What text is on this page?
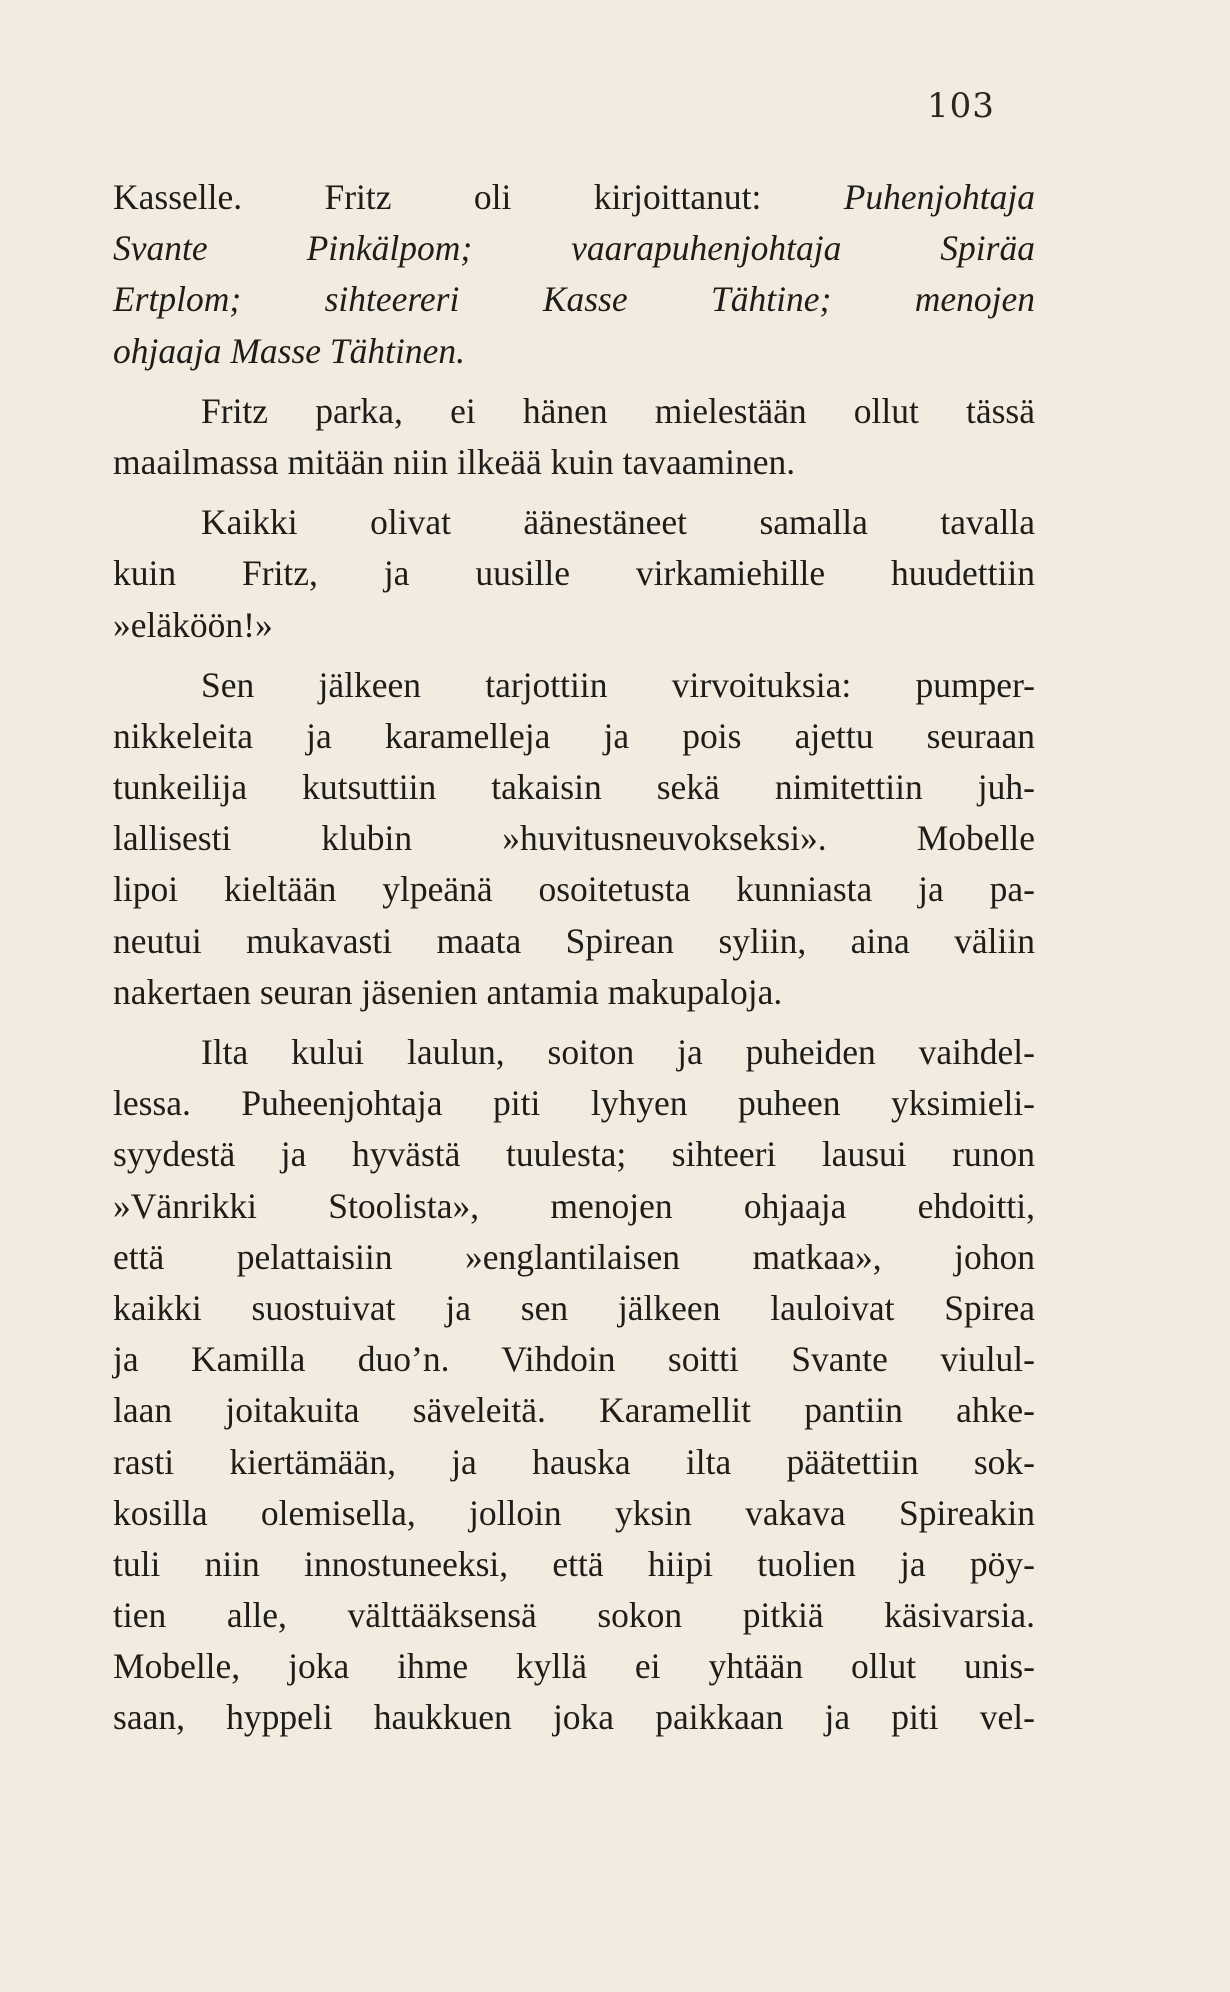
103

Kasselle. Fritz oli kirjoittanut: Puhenjohtaja
Svante Pinkälpom; vaarapuhenjohtaja Spiräa
Ertplom; sihteereri Kasse Tähtine; menojen
ohjaaja Masse Tähtinen.

Fritz parka, ei hänen mielestään ollut tässä
maailmassa mitään niin ilkeää kuin tavaaminen.

Kaikki olivat äänestäneet samalla tavalla
kuin Fritz, ja uusille virkamiehille huudettiin
»eläköön!»

Sen jälkeen tarjottiin virvoituksia: pumper-
nikkeleita ja karamelleja ja pois ajettu seuraan
tunkeilija kutsuttiin takaisin sekä nimitettiin juh-
lallisesti klubin »huvitusneuvokseksi». Mobelle
lipoi kieltään ylpeänä osoitetusta kunniasta ja pa-
neutui mukavasti maata Spirean syliin, aina väliin
nakertaen seuran jäsenien antamia makupaloja.

Ilta kului laulun, soiton ja puheiden vaihdel-
lessa. Puheenjohtaja piti lyhyen puheen yksimieli-
syydestä ja hyvästä tuulesta; sihteeri lausui runon
»Vänrikki Stoolista», menojen ohjaaja ehdoitti,
että pelattaisiin »englantilaisen matkaa», johon
kaikki suostuivat ja sen jälkeen lauloivat Spirea
ja Kamilla duo’n. Vihdoin soitti Svante viulul-
laan joitakuita säveleitä. Karamellit pantiin ahke-
rasti kiertämään, ja hauska ilta päätettiin sok-
kosilla olemisella, jolloin yksin vakava Spireakin
tuli niin innostuneeksi, että hiipi tuolien ja pöy-
tien alle, välttääksensä sokon pitkiä käsivarsia.
Mobelle, joka ihme kyllä ei yhtään ollut unis-
saan, hyppeli haukkuen joka paikkaan ja piti vel-
